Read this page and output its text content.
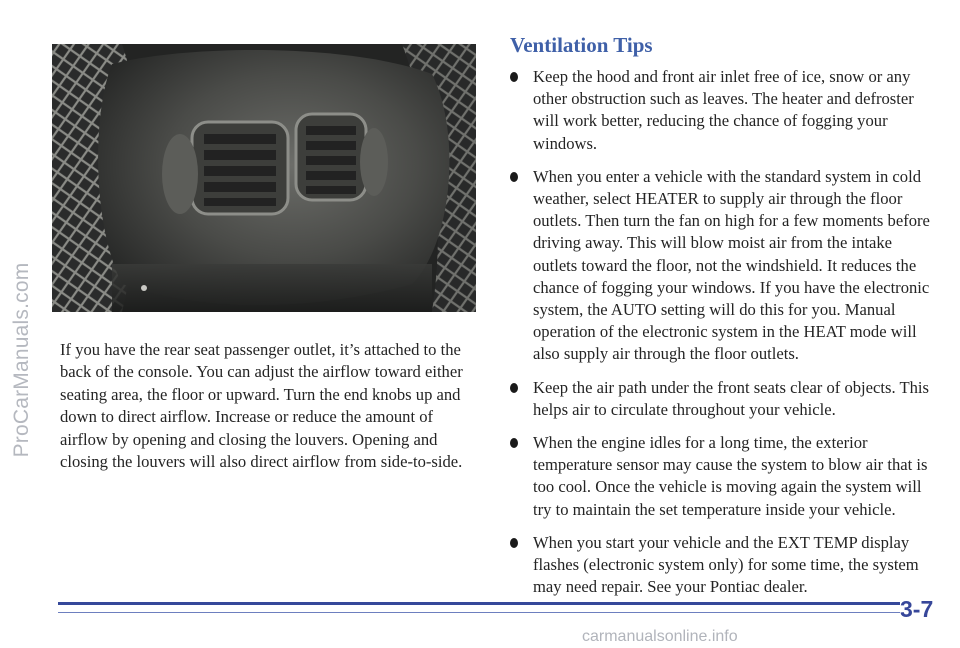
ProCarManuals.com If you have the rear seat passenger outlet, it’s attached to the back of the console. You can adjust the airflow toward either seating area, the floor or upward. Turn the end knobs up and down to direct airflow. Increase or reduce the amount of airflow by opening and closing the louvers. Opening and closing the louvers will also direct airflow from side-to-side.

Ventilation Tips
Keep the hood and front air inlet free of ice, snow or any other obstruction such as leaves. The heater and defroster will work better, reducing the chance of fogging your windows.
When you enter a vehicle with the standard system in cold weather, select HEATER to supply air through the floor outlets. Then turn the fan on high for a few moments before driving away. This will blow moist air from the intake outlets toward the floor, not the windshield. It reduces the chance of fogging your windows. If you have the electronic system, the AUTO setting will do this for you. Manual operation of the electronic system in the HEAT mode will also supply air through the floor outlets.
Keep the air path under the front seats clear of objects. This helps air to circulate throughout your vehicle.
When the engine idles for a long time, the exterior temperature sensor may cause the system to blow air that is too cool. Once the vehicle is moving again the system will try to maintain the set temperature inside your vehicle.
When you start your vehicle and the EXT TEMP display flashes (electronic system only) for some time, the system may need repair. See your Pontiac dealer.
3-7
carmanualsonline.info
